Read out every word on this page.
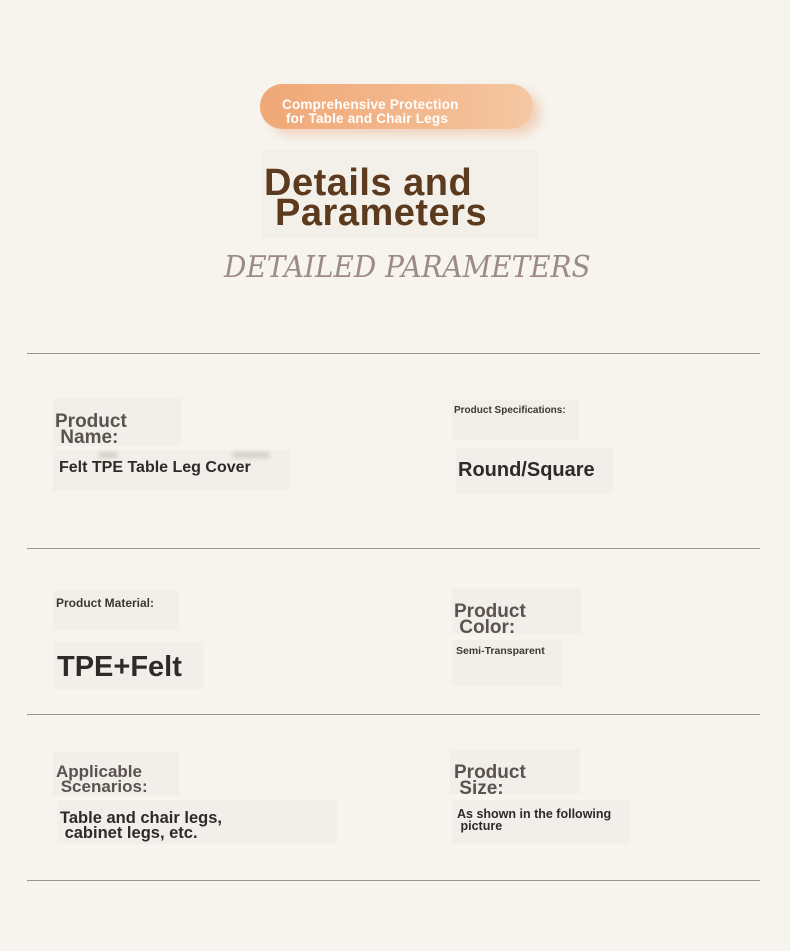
Comprehensive Protection
for Table and Chair Legs
Details and
Parameters
DETAILED PARAMETERS
Product
Name:
Felt TPE Table Leg Cover
Product Specifications:
Round/Square
Product Material:
TPE+Felt
Product
Color:
Semi-Transparent
Applicable
Scenarios:
Table and chair legs,
cabinet legs, etc.
Product
Size:
As shown in the following
picture
